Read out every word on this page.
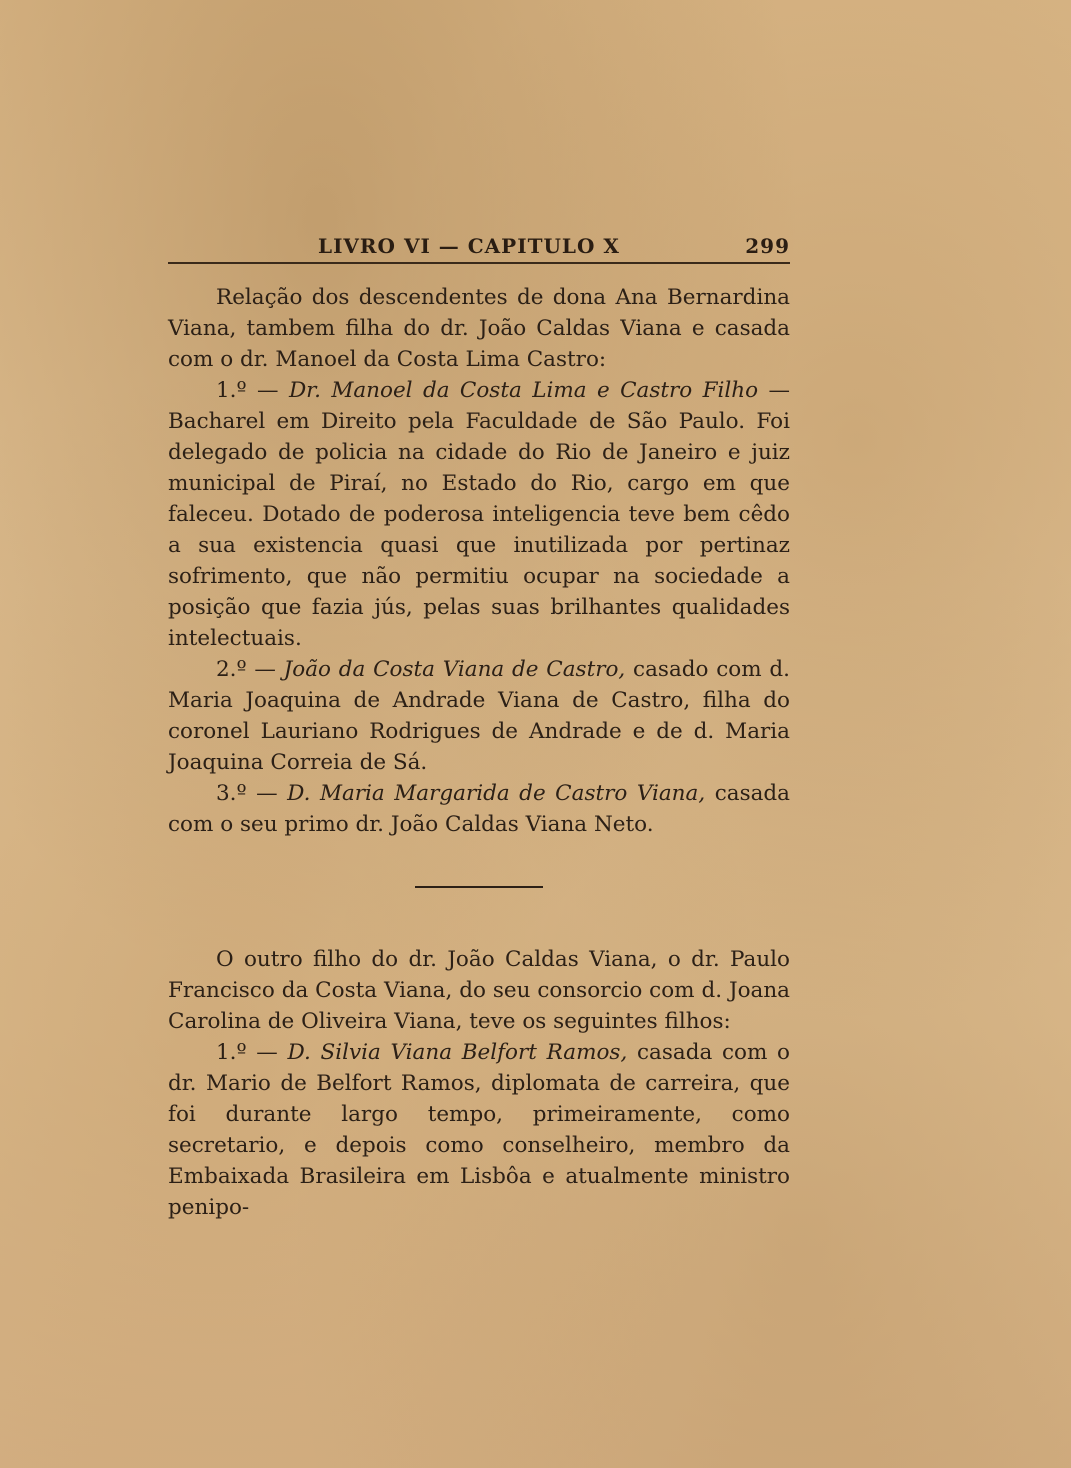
LIVRO VI — CAPITULO X	299

Relação dos descendentes de dona Ana Bernardina Viana, tambem filha do dr. João Caldas Viana e casada com o dr. Manoel da Costa Lima Castro:

1.º — Dr. Manoel da Costa Lima e Castro Filho — Bacharel em Direito pela Faculdade de São Paulo. Foi delegado de policia na cidade do Rio de Janeiro e juiz municipal de Piraí, no Estado do Rio, cargo em que faleceu. Dotado de poderosa inteligencia teve bem cêdo a sua existencia quasi que inutilizada por pertinaz sofrimento, que não permitiu ocupar na sociedade a posição que fazia jús, pelas suas brilhantes qualidades intelectuais.

2.º — João da Costa Viana de Castro, casado com d. Maria Joaquina de Andrade Viana de Castro, filha do coronel Lauriano Rodrigues de Andrade e de d. Maria Joaquina Correia de Sá.

3.º — D. Maria Margarida de Castro Viana, casada com o seu primo dr. João Caldas Viana Neto.

O outro filho do dr. João Caldas Viana, o dr. Paulo Francisco da Costa Viana, do seu consorcio com d. Joana Carolina de Oliveira Viana, teve os seguintes filhos:

1.º — D. Silvia Viana Belfort Ramos, casada com o dr. Mario de Belfort Ramos, diplomata de carreira, que foi durante largo tempo, primeiramente, como secretario, e depois como conselheiro, membro da Embaixada Brasileira em Lisbôa e atualmente ministro penipo-
